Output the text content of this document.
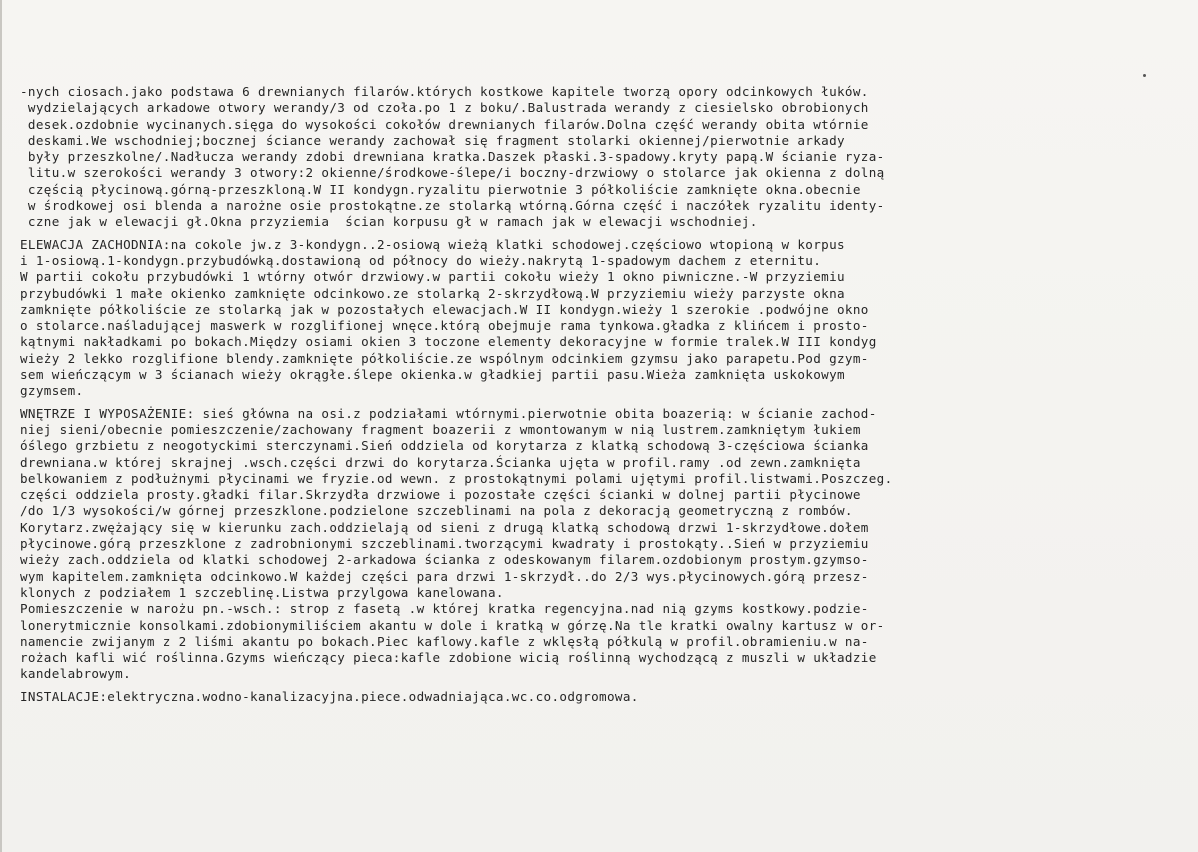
-nych ciosach.jako podstawa 6 drewnianych filarów.których kostkowe kapitele tworzą opory odcinkowych łuków.
wydzielających arkadowe otwory werandy/3 od czoła.po 1 z boku/.Balustrada werandy z ciesielsko obrobionych
desek.ozdobnie wycinanych.sięga do wysokości cokołów drewnianych filarów.Dolna część werandy obita wtórnie
deskami.We wschodniej;bocznej ściance werandy zachował się fragment stolarki okiennej/pierwotnie arkady
były przeszkolne/.Nadłucza werandy zdobi drewniana kratka.Daszek płaski.3-spadowy.kryty papą.W ścianie ryza-
litu.w szerokości werandy 3 otwory:2 okienne/środkowe-ślepe/i boczny-drzwiowy o stolarce jak okienna z dolną
częścią płycinową.górną-przeszkloną.W II kondygn.ryzalitu pierwotnie 3 półkoliście zamknięte okna.obecnie
w środkowej osi blenda a narożne osie prostokątne.ze stolarką wtórną.Górna część i naczółek ryzalitu identy-
czne jak w elewacji gł.Okna przyziemia  ścian korpusu gł w ramach jak w elewacji wschodniej.
ELEWACJA ZACHODNIA:na cokole jw.z 3-kondygn..2-osiową wieżą klatki schodowej.częściowo wtopioną w korpus
i 1-osiową.1-kondygn.przybudówką.dostawioną od północy do wieży.nakrytą 1-spadowym dachem z eternitu.
W partii cokołu przybudówki 1 wtórny otwór drzwiowy.w partii cokołu wieży 1 okno piwniczne.-W przyziemiu
przybudówki 1 małe okienko zamknięte odcinkowo.ze stolarką 2-skrzydłową.W przyziemiu wieży parzyste okna
zamknięte półkoliście ze stolarką jak w pozostałych elewacjach.W II kondygn.wieży 1 szerokie .podwójne okno
o stolarce.naśladującej maswerk w rozglifionej wnęce.którą obejmuje rama tynkowa.gładka z klińcem i prosto-
kątnymi nakładkami po bokach.Między osiami okien 3 toczone elementy dekoracyjne w formie tralek.W III kondyg
wieży 2 lekko rozglifione blendy.zamknięte półkoliście.ze wspólnym odcinkiem gzymsu jako parapetu.Pod gzym-
sem wieńczącym w 3 ścianach wieży okrągłe.ślepe okienka.w gładkiej partii pasu.Wieża zamknięta uskokowym
gzymsem.
WNĘTRZE I WYPOSAŻENIE: sieś główna na osi.z podziałami wtórnymi.pierwotnie obita boazerią: w ścianie zachod-
niej sieni/obecnie pomieszczenie/zachowany fragment boazerii z wmontowanym w nią lustrem.zamkniętym łukiem
óślego grzbietu z neogotyckimi sterczynami.Sień oddziela od korytarza z klatką schodową 3-częściowa ścianka
drewniana.w której skrajnej .wsch.części drzwi do korytarza.Ścianka ujęta w profil.ramy .od zewn.zamknięta
belkowaniem z podłużnymi płycinami we fryzie.od wewn. z prostokątnymi polami ujętymi profil.listwami.Poszczeg.
części oddziela prosty.gładki filar.Skrzydła drzwiowe i pozostałe części ścianki w dolnej partii płycinowe
/do 1/3 wysokości/w górnej przeszklone.podzielone szczeblinami na pola z dekoracją geometryczną z rombów.
Korytarz.zwężający się w kierunku zach.oddzielają od sieni z drugą klatką schodową drzwi 1-skrzydłowe.dołem
płycinowe.górą przeszklone z zadrobnionymi szczeblinami.tworzącymi kwadraty i prostokąty..Sień w przyziemiu
wieży zach.oddziela od klatki schodowej 2-arkadowa ścianka z odeskowanym filarem.ozdobionym prostym.gzymso-
wym kapitelem.zamknięta odcinkowo.W każdej części para drzwi 1-skrzydł..do 2/3 wys.płycinowych.górą przesz-
klonych z podziałem 1 szczeblinę.Listwa przylgowa kanelowana.
Pomieszczenie w narożu pn.-wsch.: strop z fasetą .w której kratka regencyjna.nad nią gzyms kostkowy.podzie-
lonerytmicznie konsolkami.zdobionymiliściem akantu w dole i kratką w górzę.Na tle kratki owalny kartusz w or-
namencie zwijanym z 2 liśmi akantu po bokach.Piec kaflowy.kafle z wklęsłą półkulą w profil.obramieniu.w na-
rożach kafli wić roślinna.Gzyms wieńczący pieca:kafle zdobione wicią roślinną wychodzącą z muszli w układzie
kandelabrowym.
INSTALACJE:elektryczna.wodno-kanalizacyjna.piece.odwadniająca.wc.co.odgromowa.
